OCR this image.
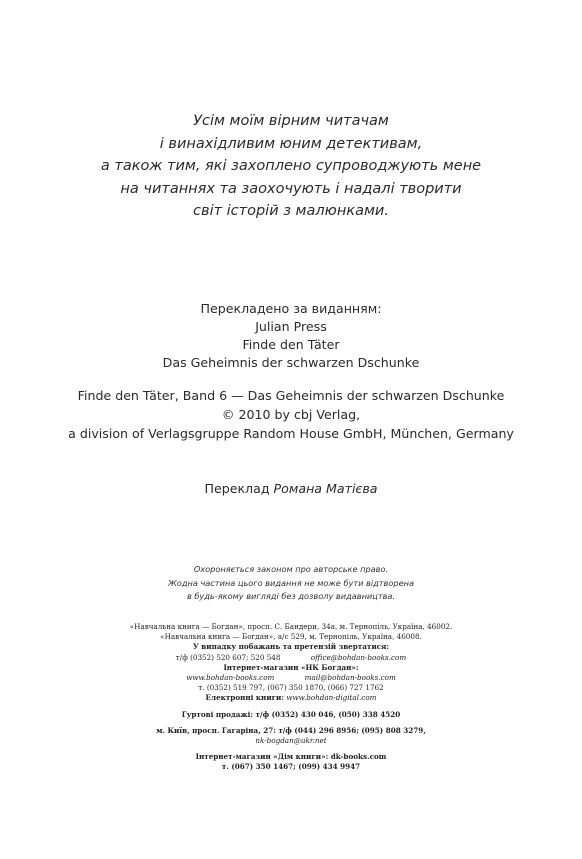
Усім моїм вірним читачам
і винахідливим юним детективам,
а також тим, які захоплено супроводжують мене
на читаннях та заохочують і надалі творити
світ історій з малюнками.
Перекладено за виданням:
Julian Press
Finde den Täter
Das Geheimnis der schwarzen Dschunke
Finde den Täter, Band 6 — Das Geheimnis der schwarzen Dschunke
© 2010 by cbj Verlag,
a division of Verlagsgruppe Random House GmbH, München, Germany
Переклад Романа Матієва
Охороняється законом про авторське право.
Жодна частина цього видання не може бути відтворена
в будь-якому вигляді без дозволу видавництва.
«Навчальна книга — Богдан», просп. С. Бандери, 34а, м. Тернопіль, Україна, 46002.
«Навчальна книга — Богдан», а/с 529, м. Тернопіль, Україна, 46008.
У випадку побажань та претензій звертатися:
т/ф (0352) 520 607; 520 548	office@bohdan-books.com
Інтернет-магазин «НК Богдан»:
www.bohdan-books.com	mail@bohdan-books.com
т. (0352) 519 797, (067) 350 1870, (066) 727 1762
Електронні книги: www.bohdan-digital.com
Гуртові продажі: т/ф (0352) 430 046, (050) 338 4520
м. Київ, просп. Гагаріна, 27: т/ф (044) 296 8956; (095) 808 3279,
nk-bogdan@ukr.net
Інтернет-магазин «Дім книги»: dk-books.com
т. (067) 350 1467; (099) 434 9947
